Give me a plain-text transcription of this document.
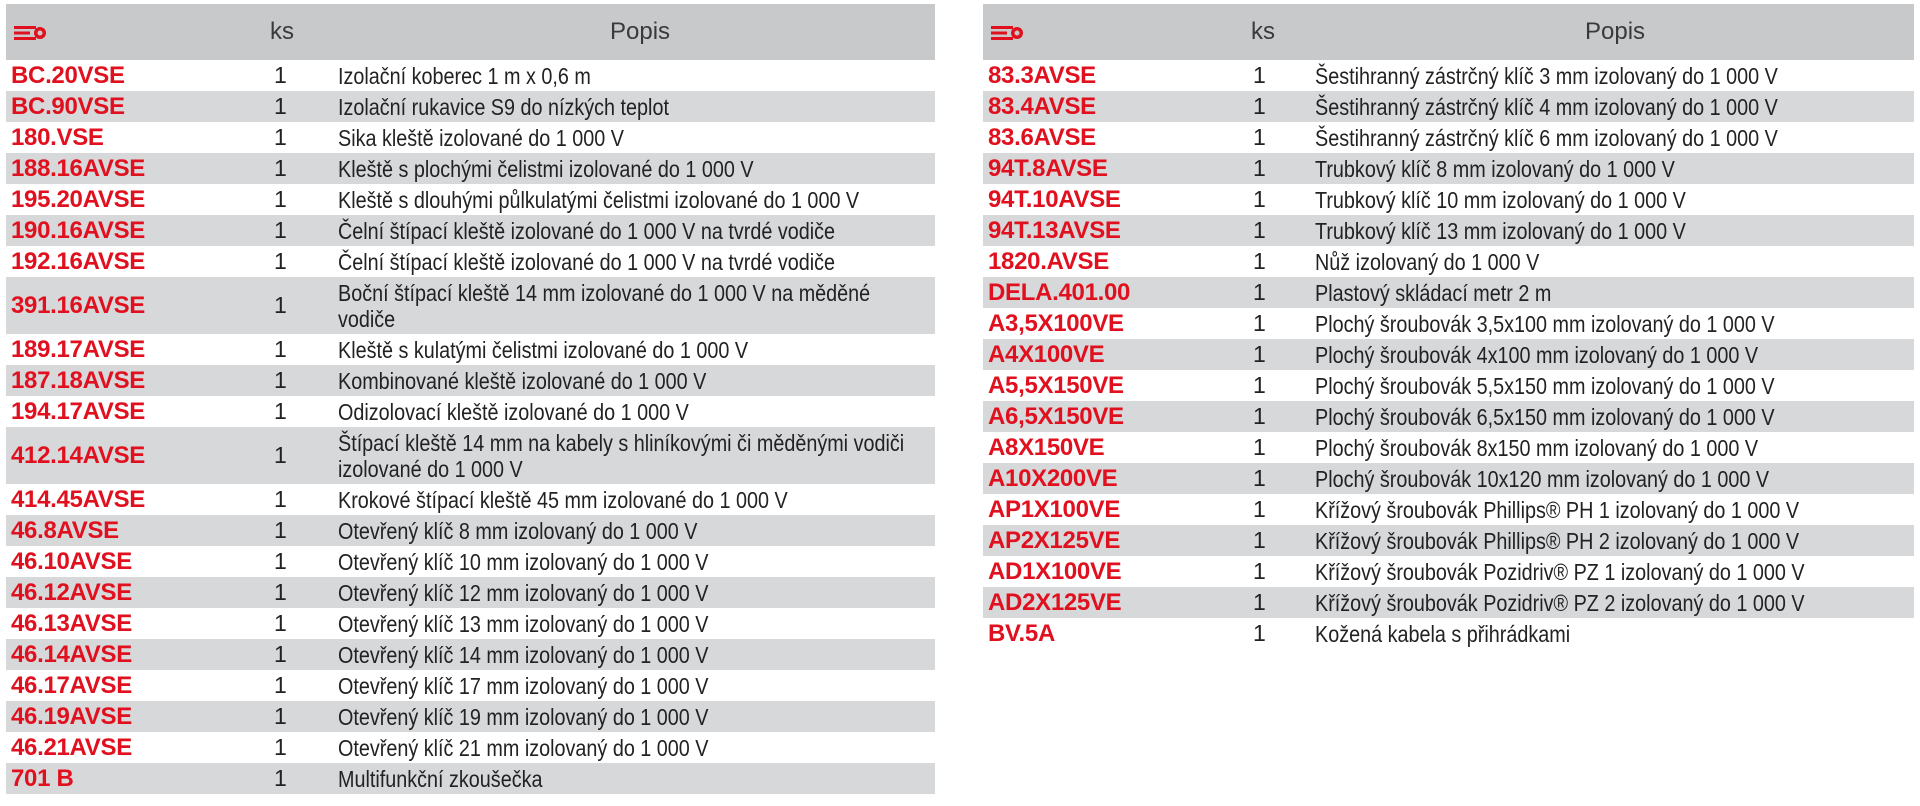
ks	Popis
BC.20VSE	1 Izolační koberec 1 m x 0,6 m
BC.90VSE	1 Izolační rukavice S9 do nízkých teplot
180.VSE	1 Sika kleště izolované do 1 000 V
188.16AVSE	1 Kleště s plochými čelistmi izolované do 1 000 V
195.20AVSE	1 Kleště s dlouhými půlkulatými čelistmi izolované do 1 000 V
190.16AVSE	1 Čelní štípací kleště izolované do 1 000 V na tvrdé vodiče
192.16AVSE	1 Čelní štípací kleště izolované do 1 000 V na tvrdé vodiče
391.16AVSE	1 Boční štípací kleště 14 mm izolované do 1 000 V na měděné vodiče
189.17AVSE	1 Kleště s kulatými čelistmi izolované do 1 000 V
187.18AVSE	1 Kombinované kleště izolované do 1 000 V
194.17AVSE	1 Odizolovací kleště izolované do 1 000 V
412.14AVSE	1 Štípací kleště 14 mm na kabely s hliníkovými či měděnými vodiči izolované do 1 000 V
414.45AVSE	1 Krokové štípací kleště 45 mm izolované do 1 000 V
46.8AVSE	1 Otevřený klíč 8 mm izolovaný do 1 000 V
46.10AVSE	1 Otevřený klíč 10 mm izolovaný do 1 000 V
46.12AVSE	1 Otevřený klíč 12 mm izolovaný do 1 000 V
46.13AVSE	1 Otevřený klíč 13 mm izolovaný do 1 000 V
46.14AVSE	1 Otevřený klíč 14 mm izolovaný do 1 000 V
46.17AVSE	1 Otevřený klíč 17 mm izolovaný do 1 000 V
46.19AVSE	1 Otevřený klíč 19 mm izolovaný do 1 000 V
46.21AVSE	1 Otevřený klíč 21 mm izolovaný do 1 000 V
701 B	1 Multifunkční zkoušečka
ks	Popis
83.3AVSE	1 Šestihranný zástrčný klíč 3 mm izolovaný do 1 000 V
83.4AVSE	1 Šestihranný zástrčný klíč 4 mm izolovaný do 1 000 V
83.6AVSE	1 Šestihranný zástrčný klíč 6 mm izolovaný do 1 000 V
94T.8AVSE	1 Trubkový klíč 8 mm izolovaný do 1 000 V
94T.10AVSE	1 Trubkový klíč 10 mm izolovaný do 1 000 V
94T.13AVSE	1 Trubkový klíč 13 mm izolovaný do 1 000 V
1820.AVSE	1 Nůž izolovaný do 1 000 V
DELA.401.00	1 Plastový skládací metr 2 m
A3,5X100VE	1 Plochý šroubovák 3,5x100 mm izolovaný do 1 000 V
A4X100VE	1 Plochý šroubovák 4x100 mm izolovaný do 1 000 V
A5,5X150VE	1 Plochý šroubovák 5,5x150 mm izolovaný do 1 000 V
A6,5X150VE	1 Plochý šroubovák 6,5x150 mm izolovaný do 1 000 V
A8X150VE	1 Plochý šroubovák 8x150 mm izolovaný do 1 000 V
A10X200VE	1 Plochý šroubovák 10x120 mm izolovaný do 1 000 V
AP1X100VE	1 Křížový šroubovák Phillips® PH 1 izolovaný do 1 000 V
AP2X125VE	1 Křížový šroubovák Phillips® PH 2 izolovaný do 1 000 V
AD1X100VE	1 Křížový šroubovák Pozidriv® PZ 1 izolovaný do 1 000 V
AD2X125VE	1 Křížový šroubovák Pozidriv® PZ 2 izolovaný do 1 000 V
BV.5A	1 Kožená kabela s přihrádkami
